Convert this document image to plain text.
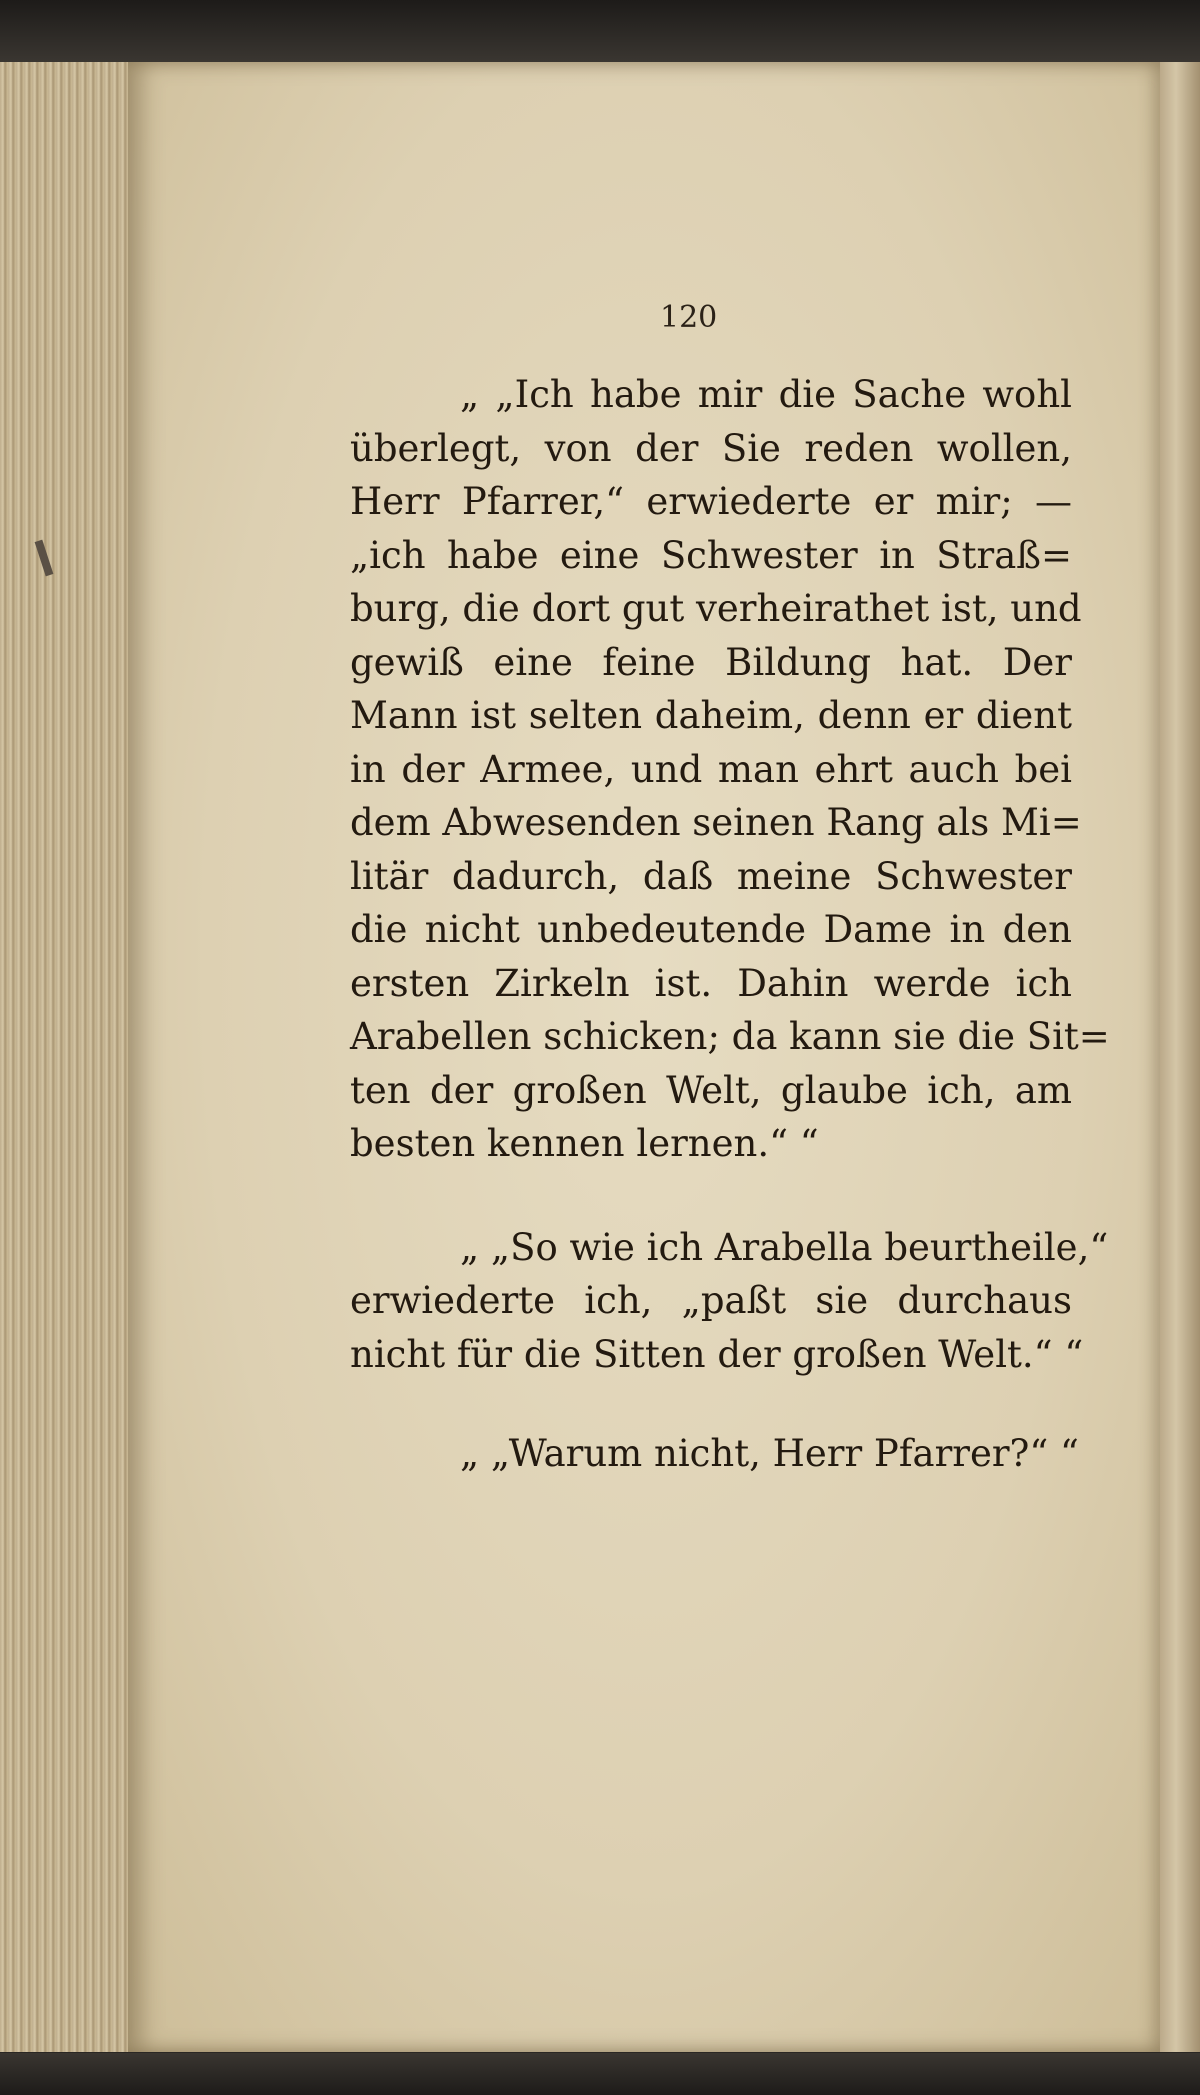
120
„ „Ich habe mir die Sache wohl
überlegt, von der Sie reden wollen,
Herr Pfarrer,“ erwiederte er mir; —
„ich habe eine Schwester in Straß=
burg, die dort gut verheirathet ist, und
gewiß eine feine Bildung hat. Der
Mann ist selten daheim, denn er dient
in der Armee, und man ehrt auch bei
dem Abwesenden seinen Rang als Mi=
litär dadurch, daß meine Schwester
die nicht unbedeutende Dame in den
ersten Zirkeln ist. Dahin werde ich
Arabellen schicken; da kann sie die Sit=
ten der großen Welt, glaube ich, am
besten kennen lernen.“ “
„ „So wie ich Arabella beurtheile,“
erwiederte ich, „paßt sie durchaus
nicht für die Sitten der großen Welt.“ “
„ „Warum nicht, Herr Pfarrer?“ “
